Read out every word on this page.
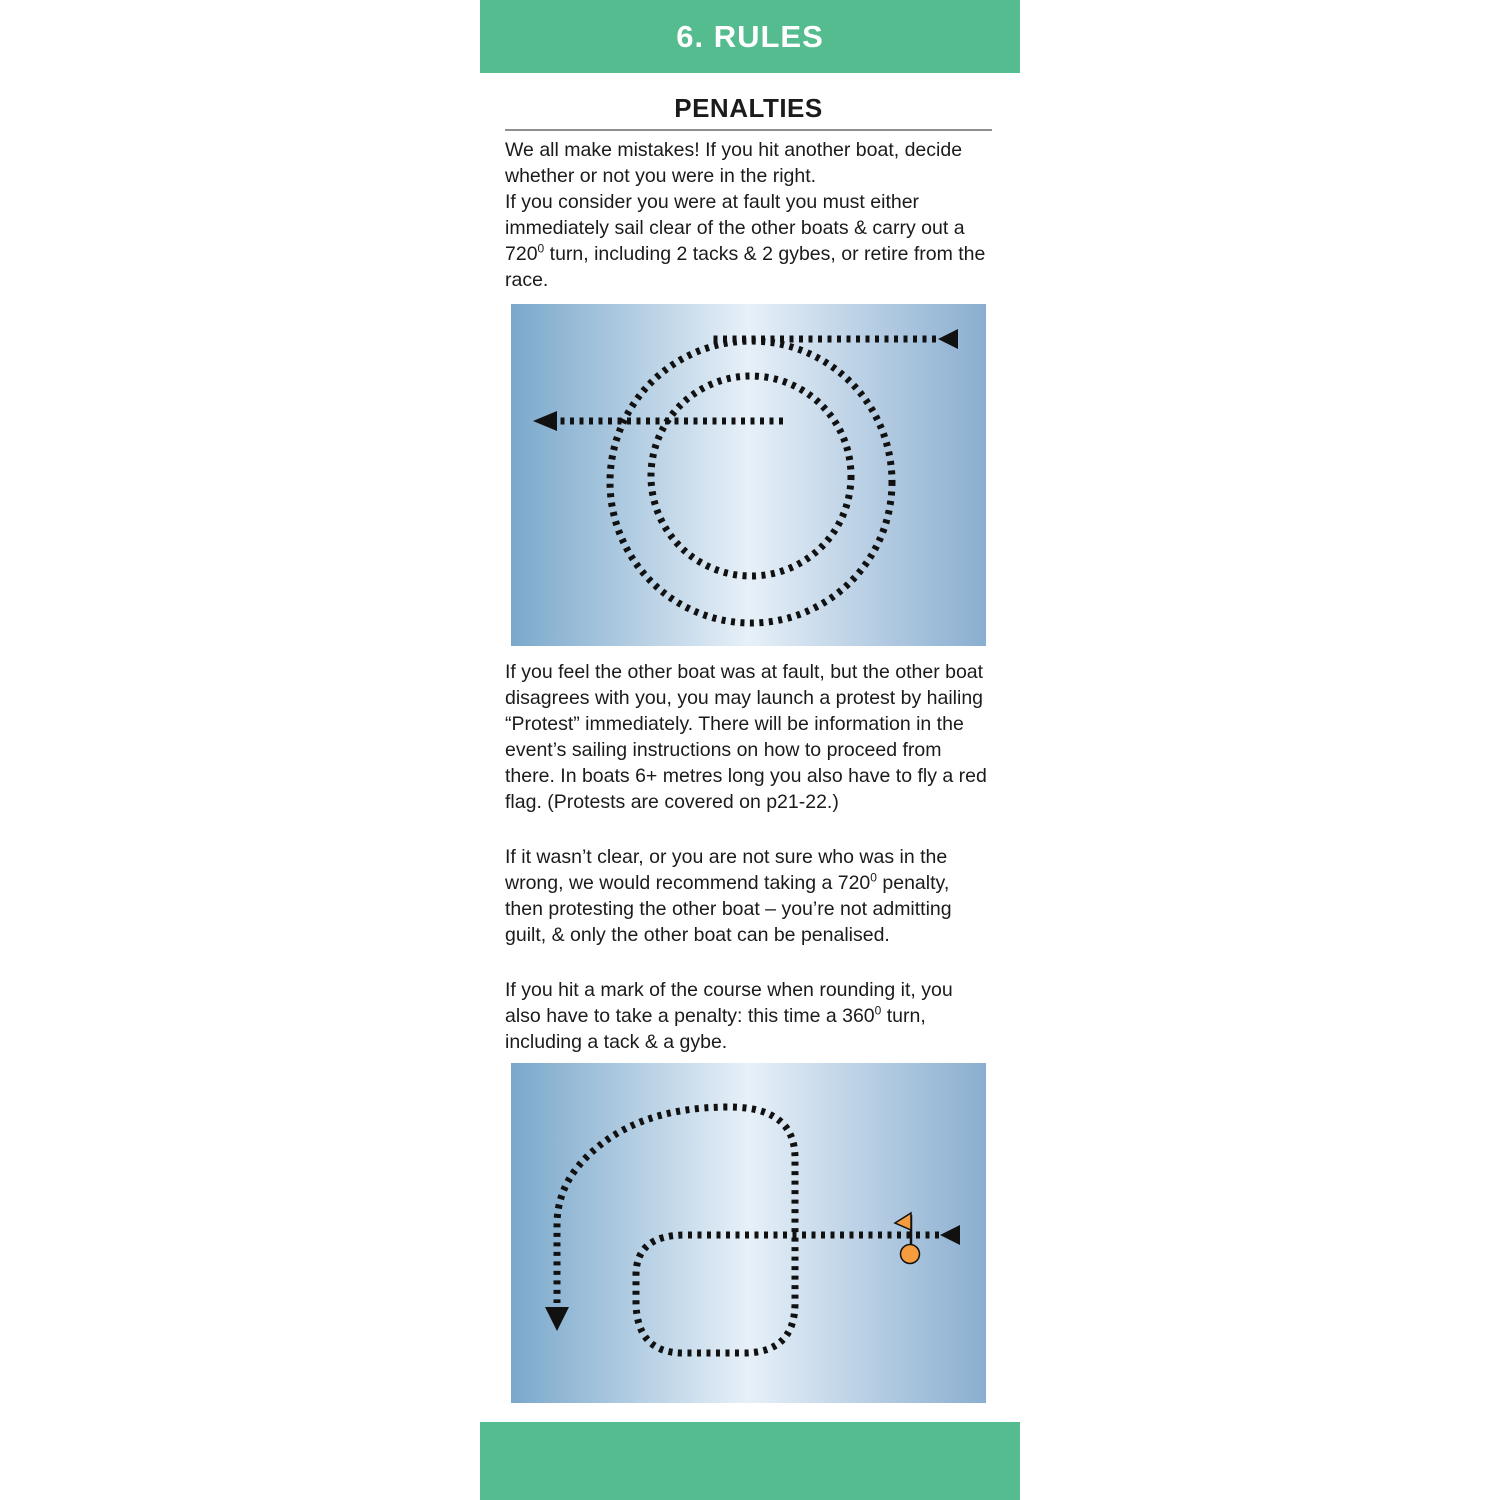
6. RULES
PENALTIES

We all make mistakes! If you hit another boat, decide whether or not you were in the right.

If you consider you were at fault you must either immediately sail clear of the other boats & carry out a $720^0$ turn, including 2 tacks & 2 gybes, or retire from the race.

If you feel the other boat was at fault, but the other boat disagrees with you, you may launch a protest by hailing “Protest” immediately. There will be information in the event’s sailing instructions on how to proceed from there. In boats 6+ metres long you also have to fly a red flag. (Protests are covered on p21-22.)

If it wasn’t clear, or you are not sure who was in the wrong, we would recommend taking a $720^0$ penalty, then protesting the other boat – you’re not admitting guilt, & only the other boat can be penalised.

If you hit a mark of the course when rounding it, you also have to take a penalty: this time a $360^0$ turn, including a tack & a gybe.
